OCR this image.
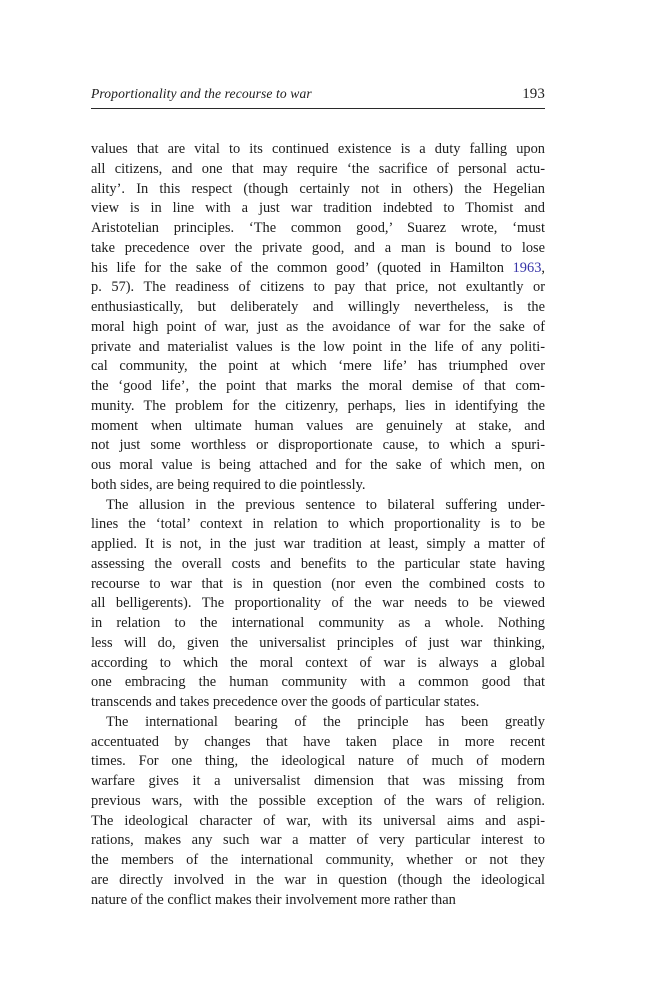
Proportionality and the recourse to war	193

values that are vital to its continued existence is a duty falling upon
all citizens, and one that may require ‘the sacrifice of personal actu-
ality’. In this respect (though certainly not in others) the Hegelian
view is in line with a just war tradition indebted to Thomist and
Aristotelian principles. ‘The common good,’ Suarez wrote, ‘must
take precedence over the private good, and a man is bound to lose
his life for the sake of the common good’ (quoted in Hamilton 1963,
p. 57). The readiness of citizens to pay that price, not exultantly or
enthusiastically, but deliberately and willingly nevertheless, is the
moral high point of war, just as the avoidance of war for the sake of
private and materialist values is the low point in the life of any politi-
cal community, the point at which ‘mere life’ has triumphed over
the ‘good life’, the point that marks the moral demise of that com-
munity. The problem for the citizenry, perhaps, lies in identifying the
moment when ultimate human values are genuinely at stake, and
not just some worthless or disproportionate cause, to which a spuri-
ous moral value is being attached and for the sake of which men, on
both sides, are being required to die pointlessly.

The allusion in the previous sentence to bilateral suffering under-
lines the ‘total’ context in relation to which proportionality is to be
applied. It is not, in the just war tradition at least, simply a matter of
assessing the overall costs and benefits to the particular state having
recourse to war that is in question (nor even the combined costs to
all belligerents). The proportionality of the war needs to be viewed
in relation to the international community as a whole. Nothing
less will do, given the universalist principles of just war thinking,
according to which the moral context of war is always a global
one embracing the human community with a common good that
transcends and takes precedence over the goods of particular states.

The international bearing of the principle has been greatly
accentuated by changes that have taken place in more recent
times. For one thing, the ideological nature of much of modern
warfare gives it a universalist dimension that was missing from
previous wars, with the possible exception of the wars of religion.
The ideological character of war, with its universal aims and aspi-
rations, makes any such war a matter of very particular interest to
the members of the international community, whether or not they
are directly involved in the war in question (though the ideological
nature of the conflict makes their involvement more rather than
